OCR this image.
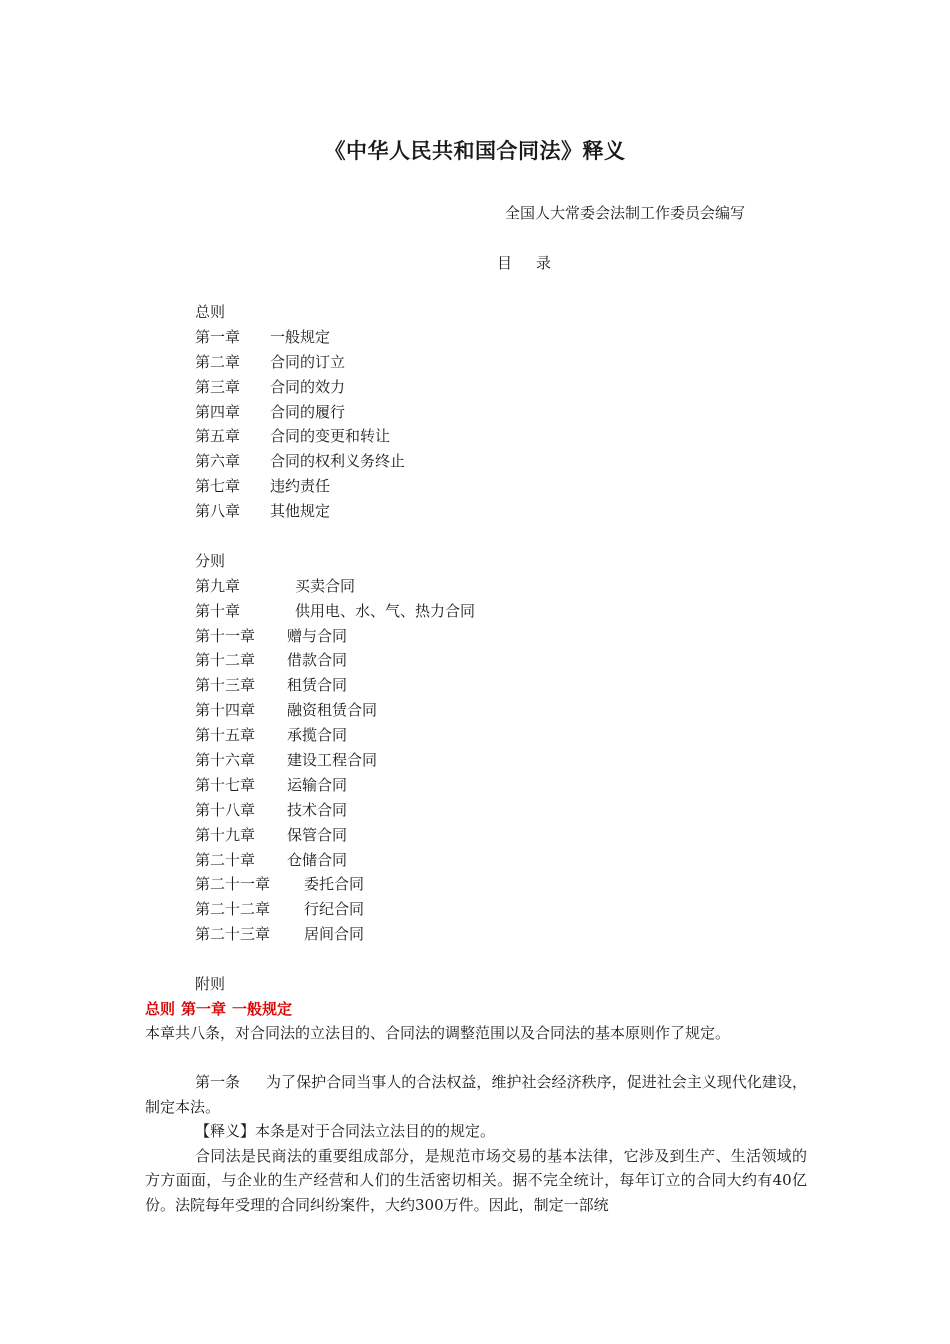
《中华人民共和国合同法》释义
全国人大常委会法制工作委员会编写
目 录
总则
第一章 一般规定
第二章 合同的订立
第三章 合同的效力
第四章 合同的履行
第五章 合同的变更和转让
第六章 合同的权利义务终止
第七章 违约责任
第八章 其他规定
分则
第九章	买卖合同
第十章	供用电、水、气、热力合同
第十一章 赠与合同
第十二章 借款合同
第十三章 租赁合同
第十四章 融资租赁合同
第十五章 承揽合同
第十六章 建设工程合同
第十七章 运输合同
第十八章 技术合同
第十九章 保管合同
第二十章 仓储合同
第二十一章 委托合同
第二十二章 行纪合同
第二十三章 居间合同
附则
总则 第一章 一般规定

本章共八条，对合同法的立法目的、合同法的调整范围以及合同法的基本原则作了规定。

第一条 为了保护合同当事人的合法权益，维护社会经济秩序，促进社会主义现代化建设，制定本法。

【释义】本条是对于合同法立法目的的规定。

合同法是民商法的重要组成部分，是规范市场交易的基本法律，它涉及到生产、生活领域的方方面面，与企业的生产经营和人们的生活密切相关。据不完全统计，每年订立的合同大约有40亿份。法院每年受理的合同纠纷案件，大约300万件。因此，制定一部统
